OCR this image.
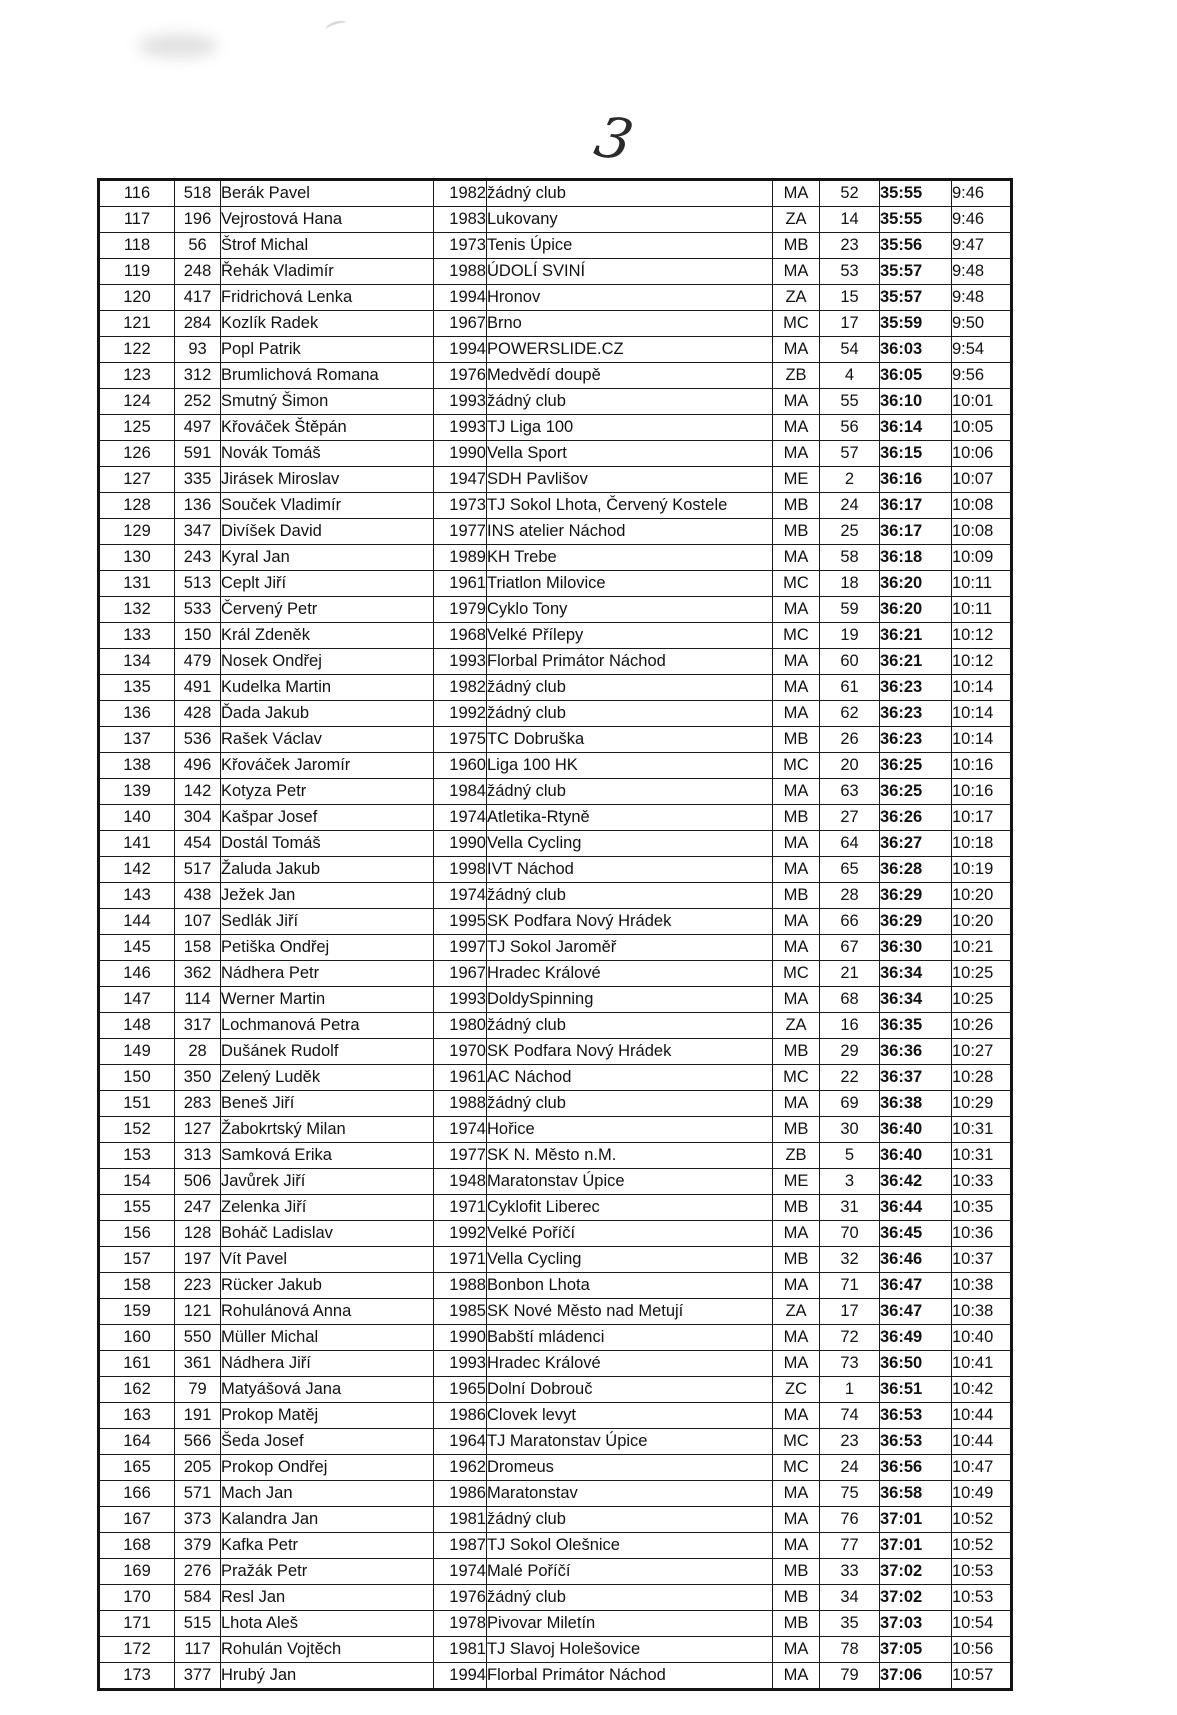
3
116	518	Berák Pavel	1982	žádný club	MA	52	35:55	9:46
117	196	Vejrostová Hana	1983	Lukovany	ZA	14	35:55	9:46
118	56	Štrof Michal	1973	Tenis Úpice	MB	23	35:56	9:47
119	248	Řehák Vladimír	1988	ÚDOLÍ SVINÍ	MA	53	35:57	9:48
120	417	Fridrichová Lenka	1994	Hronov	ZA	15	35:57	9:48
121	284	Kozlík Radek	1967	Brno	MC	17	35:59	9:50
122	93	Popl Patrik	1994	POWERSLIDE.CZ	MA	54	36:03	9:54
123	312	Brumlichová Romana	1976	Medvědí doupě	ZB	4	36:05	9:56
124	252	Smutný Šimon	1993	žádný club	MA	55	36:10	10:01
125	497	Křováček Štěpán	1993	TJ Liga 100	MA	56	36:14	10:05
126	591	Novák Tomáš	1990	Vella Sport	MA	57	36:15	10:06
127	335	Jirásek Miroslav	1947	SDH Pavlišov	ME	2	36:16	10:07
128	136	Souček Vladimír	1973	TJ Sokol Lhota, Červený Kostele	MB	24	36:17	10:08
129	347	Divíšek David	1977	INS atelier Náchod	MB	25	36:17	10:08
130	243	Kyral Jan	1989	KH Trebe	MA	58	36:18	10:09
131	513	Ceplt Jiří	1961	Triatlon Milovice	MC	18	36:20	10:11
132	533	Červený Petr	1979	Cyklo Tony	MA	59	36:20	10:11
133	150	Král Zdeněk	1968	Velké Přílepy	MC	19	36:21	10:12
134	479	Nosek Ondřej	1993	Florbal Primátor Náchod	MA	60	36:21	10:12
135	491	Kudelka Martin	1982	žádný club	MA	61	36:23	10:14
136	428	Ďada Jakub	1992	žádný club	MA	62	36:23	10:14
137	536	Rašek Václav	1975	TC Dobruška	MB	26	36:23	10:14
138	496	Křováček Jaromír	1960	Liga 100 HK	MC	20	36:25	10:16
139	142	Kotyza Petr	1984	žádný club	MA	63	36:25	10:16
140	304	Kašpar Josef	1974	Atletika-Rtyně	MB	27	36:26	10:17
141	454	Dostál Tomáš	1990	Vella Cycling	MA	64	36:27	10:18
142	517	Žaluda Jakub	1998	IVT Náchod	MA	65	36:28	10:19
143	438	Ježek Jan	1974	žádný club	MB	28	36:29	10:20
144	107	Sedlák Jiří	1995	SK Podfara Nový Hrádek	MA	66	36:29	10:20
145	158	Petiška Ondřej	1997	TJ Sokol Jaroměř	MA	67	36:30	10:21
146	362	Nádhera Petr	1967	Hradec Králové	MC	21	36:34	10:25
147	114	Werner Martin	1993	DoldySpinning	MA	68	36:34	10:25
148	317	Lochmanová Petra	1980	žádný club	ZA	16	36:35	10:26
149	28	Dušánek Rudolf	1970	SK Podfara Nový Hrádek	MB	29	36:36	10:27
150	350	Zelený Luděk	1961	AC Náchod	MC	22	36:37	10:28
151	283	Beneš Jiří	1988	žádný club	MA	69	36:38	10:29
152	127	Žabokrtský Milan	1974	Hořice	MB	30	36:40	10:31
153	313	Samková Erika	1977	SK N. Město n.M.	ZB	5	36:40	10:31
154	506	Javůrek Jiří	1948	Maratonstav Úpice	ME	3	36:42	10:33
155	247	Zelenka Jiří	1971	Cyklofit Liberec	MB	31	36:44	10:35
156	128	Boháč Ladislav	1992	Velké Poříčí	MA	70	36:45	10:36
157	197	Vít Pavel	1971	Vella Cycling	MB	32	36:46	10:37
158	223	Rücker Jakub	1988	Bonbon Lhota	MA	71	36:47	10:38
159	121	Rohulánová Anna	1985	SK Nové Město nad Metují	ZA	17	36:47	10:38
160	550	Müller Michal	1990	Babští mládenci	MA	72	36:49	10:40
161	361	Nádhera Jiří	1993	Hradec Králové	MA	73	36:50	10:41
162	79	Matyášová Jana	1965	Dolní Dobrouč	ZC	1	36:51	10:42
163	191	Prokop Matěj	1986	Clovek levyt	MA	74	36:53	10:44
164	566	Šeda Josef	1964	TJ Maratonstav Úpice	MC	23	36:53	10:44
165	205	Prokop Ondřej	1962	Dromeus	MC	24	36:56	10:47
166	571	Mach Jan	1986	Maratonstav	MA	75	36:58	10:49
167	373	Kalandra Jan	1981	žádný club	MA	76	37:01	10:52
168	379	Kafka Petr	1987	TJ Sokol Olešnice	MA	77	37:01	10:52
169	276	Pražák Petr	1974	Malé Poříčí	MB	33	37:02	10:53
170	584	Resl Jan	1976	žádný club	MB	34	37:02	10:53
171	515	Lhota Aleš	1978	Pivovar Miletín	MB	35	37:03	10:54
172	117	Rohulán Vojtěch	1981	TJ Slavoj Holešovice	MA	78	37:05	10:56
173	377	Hrubý Jan	1994	Florbal Primátor Náchod	MA	79	37:06	10:57
